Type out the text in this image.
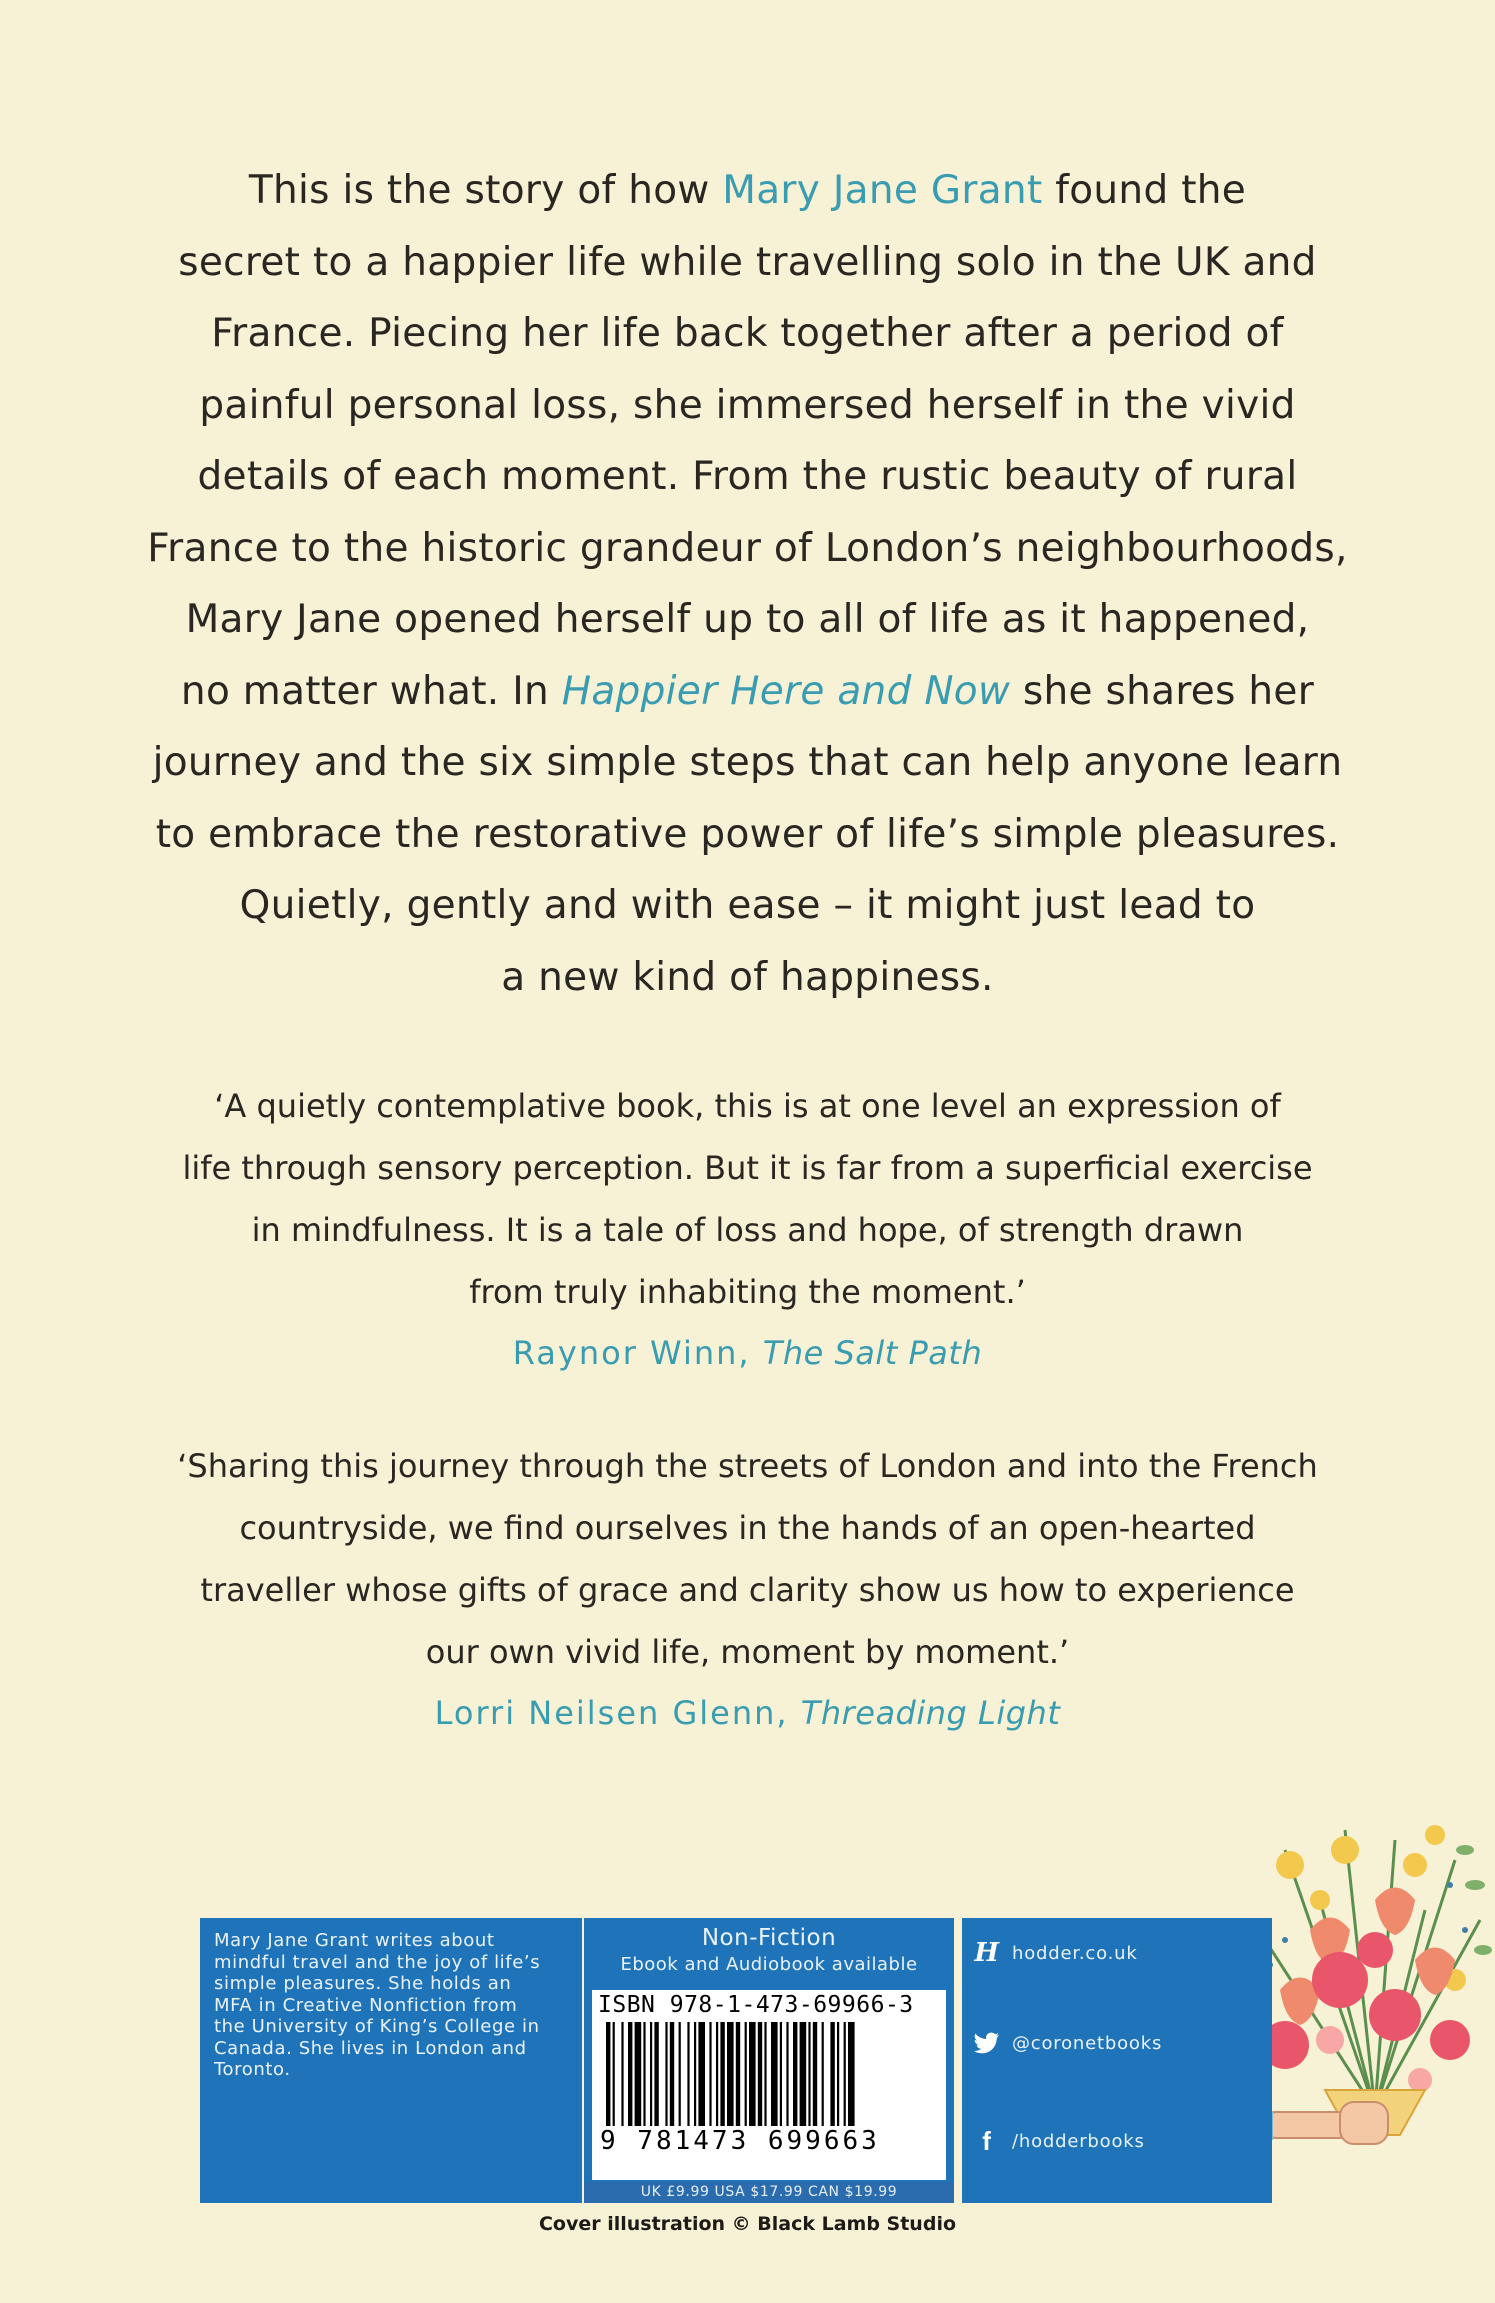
This is the story of how Mary Jane Grant found the
secret to a happier life while travelling solo in the UK and
France. Piecing her life back together after a period of
painful personal loss, she immersed herself in the vivid
details of each moment. From the rustic beauty of rural
France to the historic grandeur of London’s neighbourhoods,
Mary Jane opened herself up to all of life as it happened,
no matter what. In Happier Here and Now she shares her
journey and the six simple steps that can help anyone learn
to embrace the restorative power of life’s simple pleasures.
Quietly, gently and with ease – it might just lead to
a new kind of happiness.
‘A quietly contemplative book, this is at one level an expression of
life through sensory perception. But it is far from a superficial exercise
in mindfulness. It is a tale of loss and hope, of strength drawn
from truly inhabiting the moment.’
Raynor Winn, The Salt Path
‘Sharing this journey through the streets of London and into the French
countryside, we find ourselves in the hands of an open-hearted
traveller whose gifts of grace and clarity show us how to experience
our own vivid life, moment by moment.’
Lorri Neilsen Glenn, Threading Light
Mary Jane Grant writes about
mindful travel and the joy of life’s
simple pleasures. She holds an
MFA in Creative Nonfiction from
the University of King’s College in
Canada. She lives in London and
Toronto.
Non-Fiction
Ebook and Audiobook available
ISBN 978-1-473-69966-3
9 781473 699663
UK £9.99 USA $17.99 CAN $19.99
H hodder.co.uk
@coronetbooks
f	/hodderbooks
Cover illustration © Black Lamb Studio
